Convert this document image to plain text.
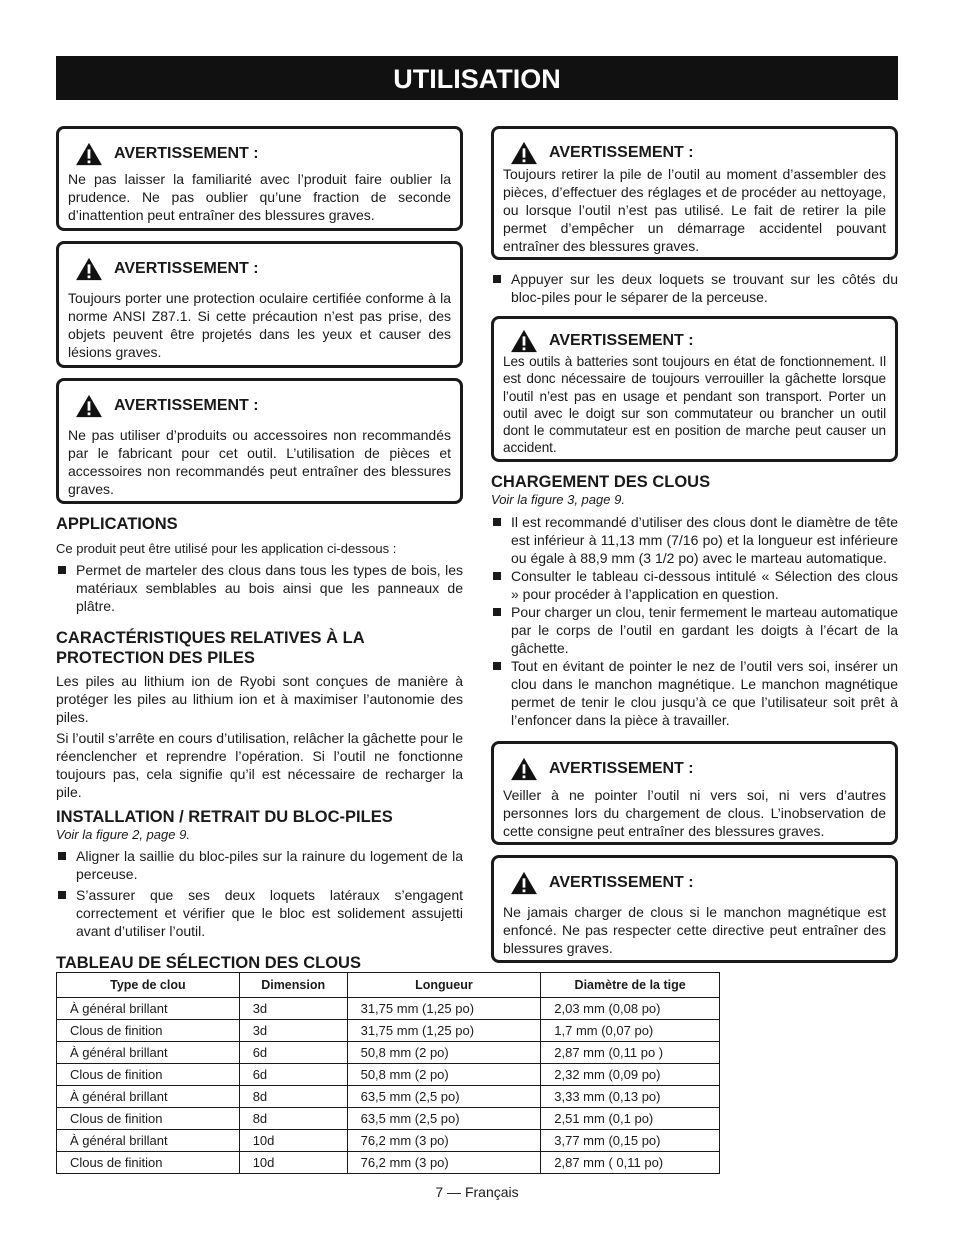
UTILISATION
AVERTISSEMENT :
Ne pas laisser la familiarité avec l’produit faire oublier la prudence. Ne pas oublier qu’une fraction de seconde d’inattention peut entraîner des blessures graves.
AVERTISSEMENT :
Toujours porter une protection oculaire certifiée conforme à la norme ANSI Z87.1. Si cette précaution n’est pas prise, des objets peuvent être projetés dans les yeux et causer des lésions graves.
AVERTISSEMENT :
Ne pas utiliser d’produits ou accessoires non recommandés par le fabricant pour cet outil. L’utilisation de pièces et accessoires non recommandés peut entraîner des blessures graves.
APPLICATIONS
Ce produit peut être utilisé pour les application ci-dessous :
Permet de marteler des clous dans tous les types de bois, les matériaux semblables au bois ainsi que les panneaux de plâtre.
CARACTÉRISTIQUES RELATIVES À LA PROTECTION DES PILES
Les piles au lithium ion de Ryobi sont conçues de manière à protéger les piles au lithium ion et à maximiser l’autonomie des piles.
Si l’outil s’arrête en cours d’utilisation, relâcher la gâchette pour le réenclencher et reprendre l’opération. Si l’outil ne fonctionne toujours pas, cela signifie qu’il est nécessaire de recharger la pile.
INSTALLATION / RETRAIT DU BLOC-PILES
Voir la figure 2, page 9.
Aligner la saillie du bloc-piles sur la rainure du logement de la perceuse.
S’assurer que ses deux loquets latéraux s’engagent correctement et vérifier que le bloc est solidement assujetti avant d’utiliser l’outil.
TABLEAU DE SÉLECTION DES CLOUS
AVERTISSEMENT :
Toujours retirer la pile de l’outil au moment d’assembler des pièces, d’effectuer des réglages et de procéder au nettoyage, ou lorsque l’outil n’est pas utilisé. Le fait de retirer la pile permet d’empêcher un démarrage accidentel pouvant entraîner des blessures graves.
Appuyer sur les deux loquets se trouvant sur les côtés du bloc-piles pour le séparer de la perceuse.
AVERTISSEMENT :
Les outils à batteries sont toujours en état de fonctionnement. Il est donc nécessaire de toujours verrouiller la gâchette lorsque l’outil n’est pas en usage et pendant son transport. Porter un outil avec le doigt sur son commutateur ou brancher un outil dont le commutateur est en position de marche peut causer un accident.
CHARGEMENT DES CLOUS
Voir la figure 3, page 9.
Il est recommandé d’utiliser des clous dont le diamètre de tête est inférieur à 11,13 mm (7/16 po) et la longueur est inférieure ou égale à 88,9 mm (3 1/2 po) avec le marteau automatique.
Consulter le tableau ci-dessous intitulé « Sélection des clous » pour procéder à l’application en question.
Pour charger un clou, tenir fermement le marteau automatique par le corps de l’outil en gardant les doigts à l’écart de la gâchette.
Tout en évitant de pointer le nez de l’outil vers soi, insérer un clou dans le manchon magnétique. Le manchon magnétique permet de tenir le clou jusqu’à ce que l’utilisateur soit prêt à l’enfoncer dans la pièce à travailler.
AVERTISSEMENT :
Veiller à ne pointer l’outil ni vers soi, ni vers d’autres personnes lors du chargement de clous. L’inobservation de cette consigne peut entraîner des blessures graves.
AVERTISSEMENT :
Ne jamais charger de clous si le manchon magnétique est enfoncé. Ne pas respecter cette directive peut entraîner des blessures graves.
Type de clou	Dimension	Longueur	Diamètre de la tige
À général brillant	3d	31,75 mm (1,25 po)	2,03 mm (0,08 po)
Clous de finition	3d	31,75 mm (1,25 po)	1,7 mm (0,07 po)
À général brillant	6d	50,8 mm (2 po)	2,87 mm (0,11 po )
Clous de finition	6d	50,8 mm (2 po)	2,32 mm (0,09 po)
À général brillant	8d	63,5 mm (2,5 po)	3,33 mm (0,13 po)
Clous de finition	8d	63,5 mm (2,5 po)	2,51 mm (0,1 po)
À général brillant	10d	76,2 mm (3 po)	3,77 mm (0,15 po)
Clous de finition	10d	76,2 mm (3 po)	2,87 mm ( 0,11 po)
7 — Français
